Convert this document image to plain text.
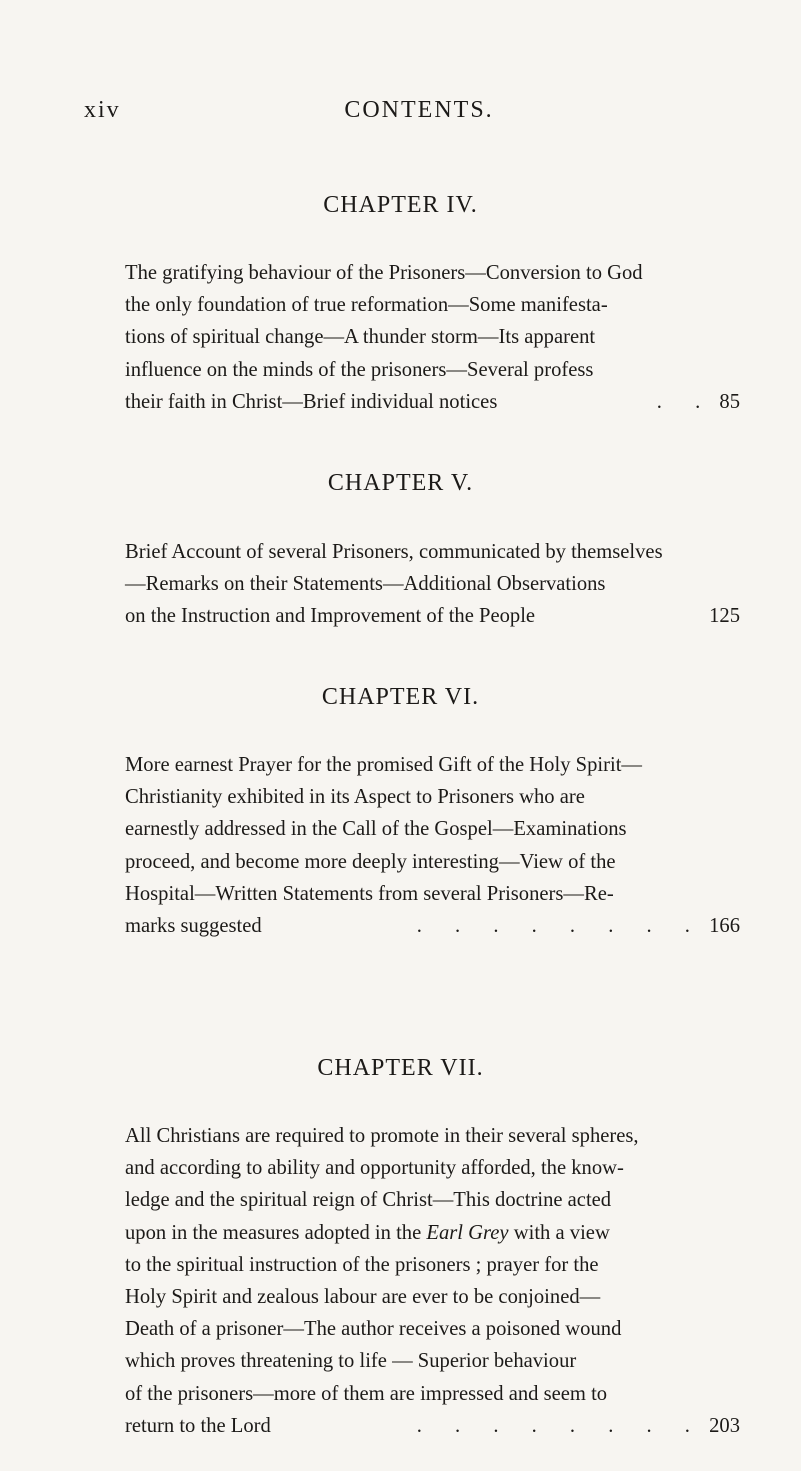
xiv	CONTENTS.
CHAPTER IV.
The gratifying behaviour of the Prisoners—Conversion to God
the only foundation of true reformation—Some manifesta-
tions of spiritual change—A thunder storm—Its apparent
influence on the minds of the prisoners—Several profess
their faith in Christ—Brief individual notices	. . 85
CHAPTER V.
Brief Account of several Prisoners, communicated by themselves
—Remarks on their Statements—Additional Observations
on the Instruction and Improvement of the People	125
CHAPTER VI.
More earnest Prayer for the promised Gift of the Holy Spirit—
Christianity exhibited in its Aspect to Prisoners who are
earnestly addressed in the Call of the Gospel—Examinations
proceed, and become more deeply interesting—View of the
Hospital—Written Statements from several Prisoners—Re-
marks suggested	. . . . . . . . 166
CHAPTER VII.
All Christians are required to promote in their several spheres,
and according to ability and opportunity afforded, the know-
ledge and the spiritual reign of Christ—This doctrine acted
upon in the measures adopted in the Earl Grey with a view
to the spiritual instruction of the prisoners ; prayer for the
Holy Spirit and zealous labour are ever to be conjoined—
Death of a prisoner—The author receives a poisoned wound
which proves threatening to life — Superior behaviour
of the prisoners—more of them are impressed and seem to
return to the Lord	. . . . . . . . 203
